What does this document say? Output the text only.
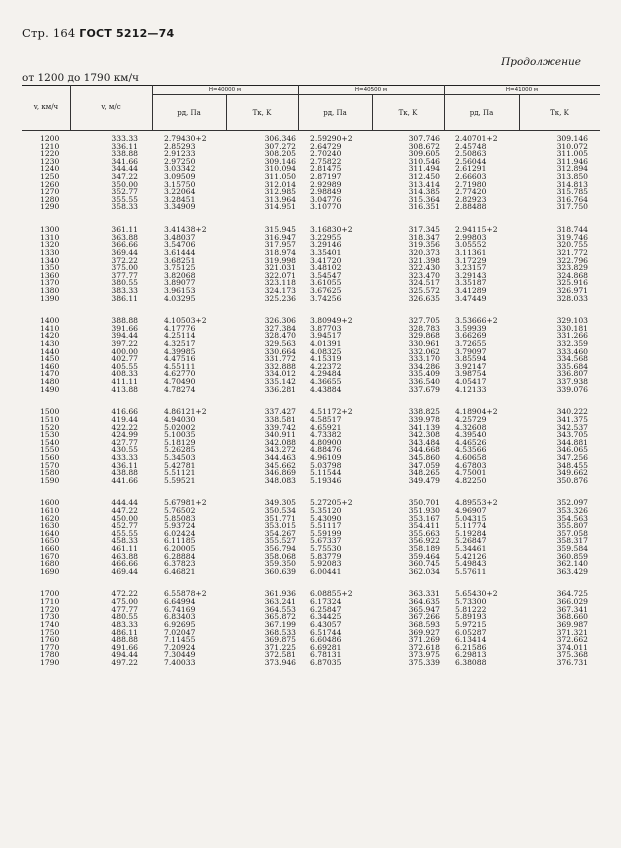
Стр. 164 ГОСТ 5212—74
Продолжение
от 1200 до 1790 км/ч
H=40000 м	H=40500 м	H=41000 м
v, км/ч	v, м/с
pд, Па	Tк, K	pд, Па	Tк, K	pд, Па	Tк, K
1200	333.33	2.79430+2	306.346 2.59290+2	307.746 2.40701+2	309.146
1210	336.11	2.85293	307.272 2.64729	308.672 2.45748	310.072
1220	338.88	2.91233	308.205 2.70240	309.605 2.50863	311.005
1230	341.66	2.97250	309.146 2.75822	310.546 2.56044	311.946
1240	344.44	3.03342	310.094 2.81475	311.494 2.61291	312.894
1250	347.22	3.09509	311.050 2.87197	312.450 2.66603	313.850
1260	350.00	3.15750	312.014 2.92989	313.414 2.71980	314.813
1270	352.77	3.22064	312.985 2.98849	314.385 2.77420	315.785
1280	355.55	3.28451	313.964 3.04776	315.364 2.82923	316.764
1290	358.33	3.34909	314.951 3.10770	316.351 2.88488	317.750
1300	361.11	3.41438+2	315.945 3.16830+2	317.345 2.94115+2	318.744
1310	363.88	3.48037	316.947 3.22955	318.347 2.99803	319.746
1320	366.66	3.54706	317.957 3.29146	319.356 3.05552	320.755
1330	369.44	3.61444	318.974 3.35401	320.373 3.11361	321.772
1340	372.22	3.68251	319.998 3.41720	321.398 3.17229	322.796
1350	375.00	3.75125	321.031 3.48102	322.430 3.23157	323.829
1360	377.77	3.82068	322.071 3.54547	323.470 3.29143	324.868
1370	380.55	3.89077	323.118 3.61055	324.517 3.35187	325.916
1380	383.33	3.96153	324.173 3.67625	325.572 3.41289	326.971
1390	386.11	4.03295	325.236 3.74256	326.635 3.47449	328.033
1400	388.88	4.10503+2	326.306 3.80949+2	327.705 3.53666+2	329.103
1410	391.66	4.17776	327.384 3.87703	328.783 3.59939	330.181
1420	394.44	4.25114	328.470 3.94517	329.868 3.66269	331.266
1430	397.22	4.32517	329.563 4.01391	330.961 3.72655	332.359
1440	400.00	4.39985	330.664 4.08325	332.062 3.79097	333.460
1450	402.77	4.47516	331.772 4.15319	333.170 3.85594	334.568
1460	405.55	4.55111	332.888 4.22372	334.286 3.92147	335.684
1470	408.33	4.62770	334.012 4.29484	335.409 3.98754	336.807
1480	411.11	4.70490	335.142 4.36655	336.540 4.05417	337.938
1490	413.88	4.78274	336.281 4.43884	337.679 4.12133	339.076
1500	416.66	4.86121+2	337.427 4.51172+2	338.825 4.18904+2	340.222
1510	419.44	4.94030	338.581 4.58517	339.978 4.25729	341.375
1520	422.22	5.02002	339.742 4.65921	341.139 4.32608	342.537
1530	424.99	5.10035	340.911 4.73382	342.308 4.39540	343.705
1540	427.77	5.18129	342.088 4.80900	343.484 4.46526	344.881
1550	430.55	5.26285	343.272 4.88476	344.668 4.53566	346.065
1560	433.33	5.34503	344.463 4.96109	345.860 4.60658	347.256
1570	436.11	5.42781	345.662 5.03798	347.059 4.67803	348.455
1580	438.88	5.51121	346.869 5.11544	348.265 4.75001	349.662
1590	441.66	5.59521	348.083 5.19346	349.479 4.82250	350.876
1600	444.44	5.67981+2	349.305 5.27205+2	350.701 4.89553+2	352.097
1610	447.22	5.76502	350.534 5.35120	351.930 4.96907	353.326
1620	450.00	5.85083	351.771 5.43090	353.167 5.04315	354.563
1630	452.77	5.93724	353.015 5.51117	354.411 5.11774	355.807
1640	455.55	6.02424	354.267 5.59199	355.663 5.19284	357.058
1650	458.33	6.11185	355.527 5.67337	356.922 5.26847	358.317
1660	461.11	6.20005	356.794 5.75530	358.189 5.34461	359.584
1670	463.88	6.28884	358.068 5.83779	359.464 5.42126	360.859
1680	466.66	6.37823	359.350 5.92083	360.745 5.49843	362.140
1690	469.44	6.46821	360.639 6.00441	362.034 5.57611	363.429
1700	472.22	6.55878+2	361.936 6.08855+2	363.331 5.65430+2	364.725
1710	475.00	6.64994	363.241 6.17324	364.635 5.73300	366.029
1720	477.77	6.74169	364.553 6.25847	365.947 5.81222	367.341
1730	480.55	6.83403	365.872 6.34425	367.266 5.89193	368.660
1740	483.33	6.92695	367.199 6.43057	368.593 5.97215	369.987
1750	486.11	7.02047	368.533 6.51744	369.927 6.05287	371.321
1760	488.88	7.11455	369.875 6.60486	371.269 6.13414	372.662
1770	491.66	7.20924	371.225 6.69281	372.618 6.21586	374.011
1780	494.44	7.30449	372.581 6.78131	373.975 6.29813	375.368
1790	497.22	7.40033	373.946 6.87035	375.339 6.38088	376.731
